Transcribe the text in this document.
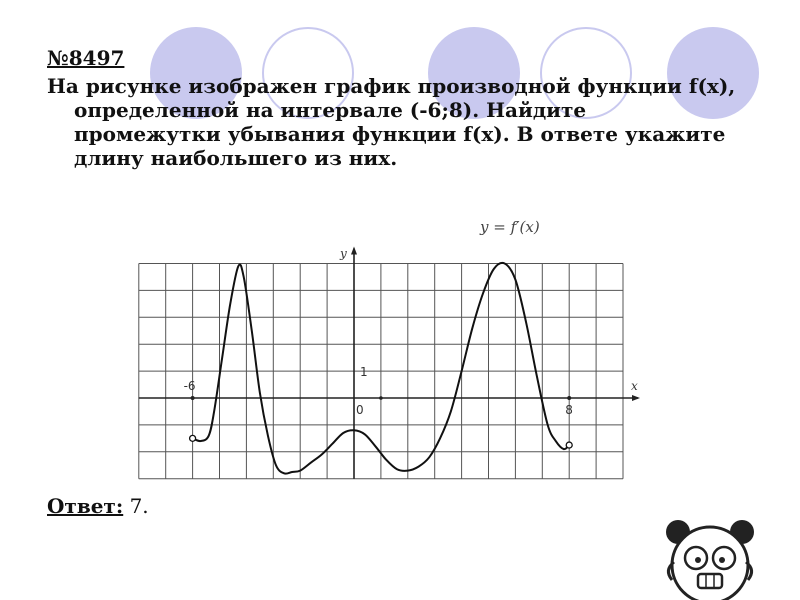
№8497
На рисунке изображен график производной функции f(x),
определенной на интервале (-6;8). Найдите
промежутки убывания функции f(x). В ответе укажите
длину наибольшего из них.
-6
0	8
1
x
y
y = f′(x)
Ответ: 7.
